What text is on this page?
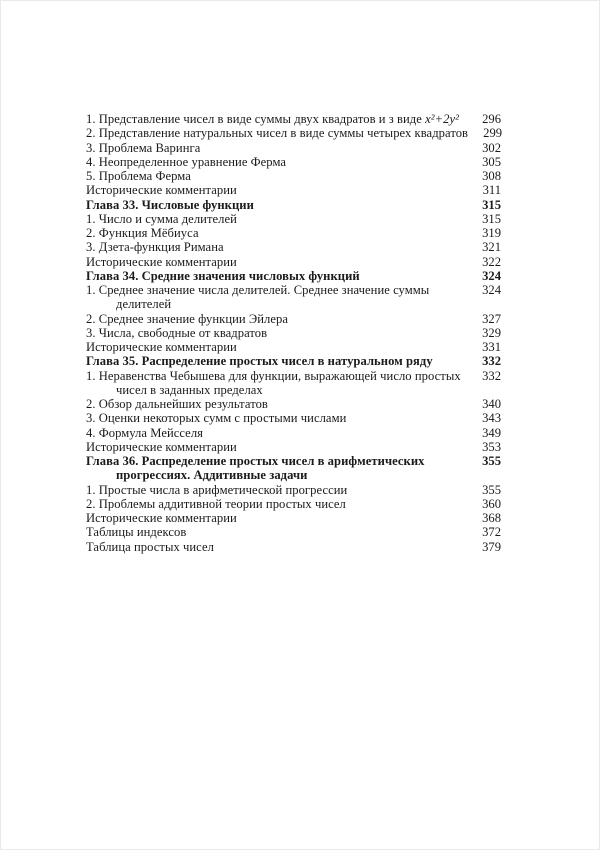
1. Представление чисел в виде суммы двух квадратов и з виде x²+2y²	296
2. Представление натуральных чисел в виде суммы четырех квадратов	299
3. Проблема Варинга	302
4. Неопределенное уравнение Ферма	305
5. Проблема Ферма	308
Исторические комментарии	311
Глава 33. Числовые функции	315
1. Число и сумма делителей	315
2. Функция Мёбиуса	319
3. Дзета-функция Римана	321
Исторические комментарии	322
Глава 34. Средние значения числовых функций	324
1. Среднее значение числа делителей. Среднее значение суммы	324
делителей
2. Среднее значение функции Эйлера	327
3. Числа, свободные от квадратов	329
Исторические комментарии	331
Глава 35. Распределение простых чисел в натуральном ряду	332
1. Неравенства Чебышева для функции, выражающей число простых	332
чисел в заданных пределах
2. Обзор дальнейших результатов	340
3. Оценки некоторых сумм с простыми числами	343
4. Формула Мейсселя	349
Исторические комментарии	353
Глава 36. Распределение простых чисел в арифметических	355
прогрессиях. Аддитивные задачи
1. Простые числа в арифметической прогрессии	355
2. Проблемы аддитивной теории простых чисел	360
Исторические комментарии	368
Таблицы индексов	372
Таблица простых чисел	379
